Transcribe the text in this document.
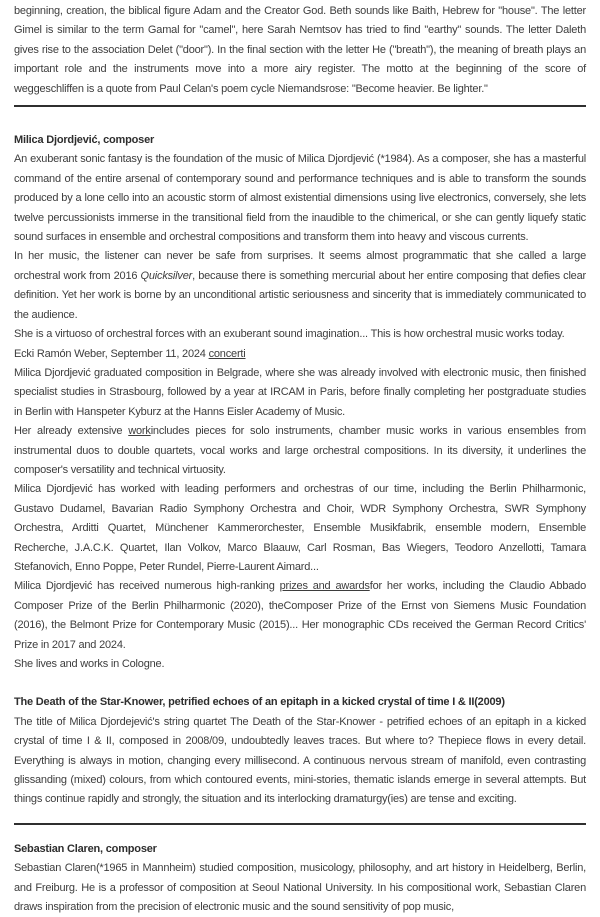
beginning, creation, the biblical figure Adam and the Creator God. Beth sounds like Baith, Hebrew for "house". The letter Gimel is similar to the term Gamal for "camel", here Sarah Nemtsov has tried to find "earthy" sounds. The letter Daleth gives rise to the association Delet ("door"). In the final section with the letter He ("breath"), the meaning of breath plays an important role and the instruments move into a more airy register. The motto at the beginning of the score of weggeschliffen is a quote from Paul Celan's poem cycle Niemandsrose: "Become heavier. Be lighter."

Milica Djordjević, composer

An exuberant sonic fantasy is the foundation of the music of Milica Djordjević (*1984). As a composer, she has a masterful command of the entire arsenal of contemporary sound and performance techniques and is able to transform the sounds produced by a lone cello into an acoustic storm of almost existential dimensions using live electronics, conversely, she lets twelve percussionists immerse in the transitional field from the inaudible to the chimerical, or she can gently liquefy static sound surfaces in ensemble and orchestral compositions and transform them into heavy and viscous currents.

In her music, the listener can never be safe from surprises. It seems almost programmatic that she called a large orchestral work from 2016 Quicksilver, because there is something mercurial about her entire composing that defies clear definition. Yet her work is borne by an unconditional artistic seriousness and sincerity that is immediately communicated to the audience.

She is a virtuoso of orchestral forces with an exuberant sound imagination... This is how orchestral music works today.

Ecki Ramón Weber, September 11, 2024 concerti

Milica Djordjević graduated composition in Belgrade, where she was already involved with electronic music, then finished specialist studies in Strasbourg, followed by a year at IRCAM in Paris, before finally completing her postgraduate studies in Berlin with Hanspeter Kyburz at the Hanns Eisler Academy of Music.

Her already extensive workincludes pieces for solo instruments, chamber music works in various ensembles from instrumental duos to double quartets, vocal works and large orchestral compositions. In its diversity, it underlines the composer's versatility and technical virtuosity.

Milica Djordjević has worked with leading performers and orchestras of our time, including the Berlin Philharmonic, Gustavo Dudamel, Bavarian Radio Symphony Orchestra and Choir, WDR Symphony Orchestra, SWR Symphony Orchestra, Arditti Quartet, Münchener Kammerorchester, Ensemble Musikfabrik, ensemble modern, Ensemble Recherche, J.A.C.K. Quartet, Ilan Volkov, Marco Blaauw, Carl Rosman, Bas Wiegers, Teodoro Anzellotti, Tamara Stefanovich, Enno Poppe, Peter Rundel, Pierre-Laurent Aimard...

Milica Djordjević has received numerous high-ranking prizes and awardsfor her works, including the Claudio Abbado Composer Prize of the Berlin Philharmonic (2020), theComposer Prize of the Ernst von Siemens Music Foundation (2016), the Belmont Prize for Contemporary Music (2015)... Her monographic CDs received the German Record Critics' Prize in 2017 and 2024.

She lives and works in Cologne.

The Death of the Star-Knower, petrified echoes of an epitaph in a kicked crystal of time I & II(2009)

The title of Milica Djordejević's string quartet The Death of the Star-Knower - petrified echoes of an epitaph in a kicked crystal of time I & II, composed in 2008/09, undoubtedly leaves traces. But where to? Thepiece flows in every detail. Everything is always in motion, changing every millisecond. A continuous nervous stream of manifold, even contrasting glissanding (mixed) colours, from which contoured events, mini-stories, thematic islands emerge in several attempts. But things continue rapidly and strongly, the situation and its interlocking dramaturgy(ies) are tense and exciting.

Sebastian Claren, composer

Sebastian Claren(*1965 in Mannheim) studied composition, musicology, philosophy, and art history in Heidelberg, Berlin, and Freiburg. He is a professor of composition at Seoul National University. In his compositional work, Sebastian Claren draws inspiration from the precision of electronic music and the sound sensitivity of pop music,
